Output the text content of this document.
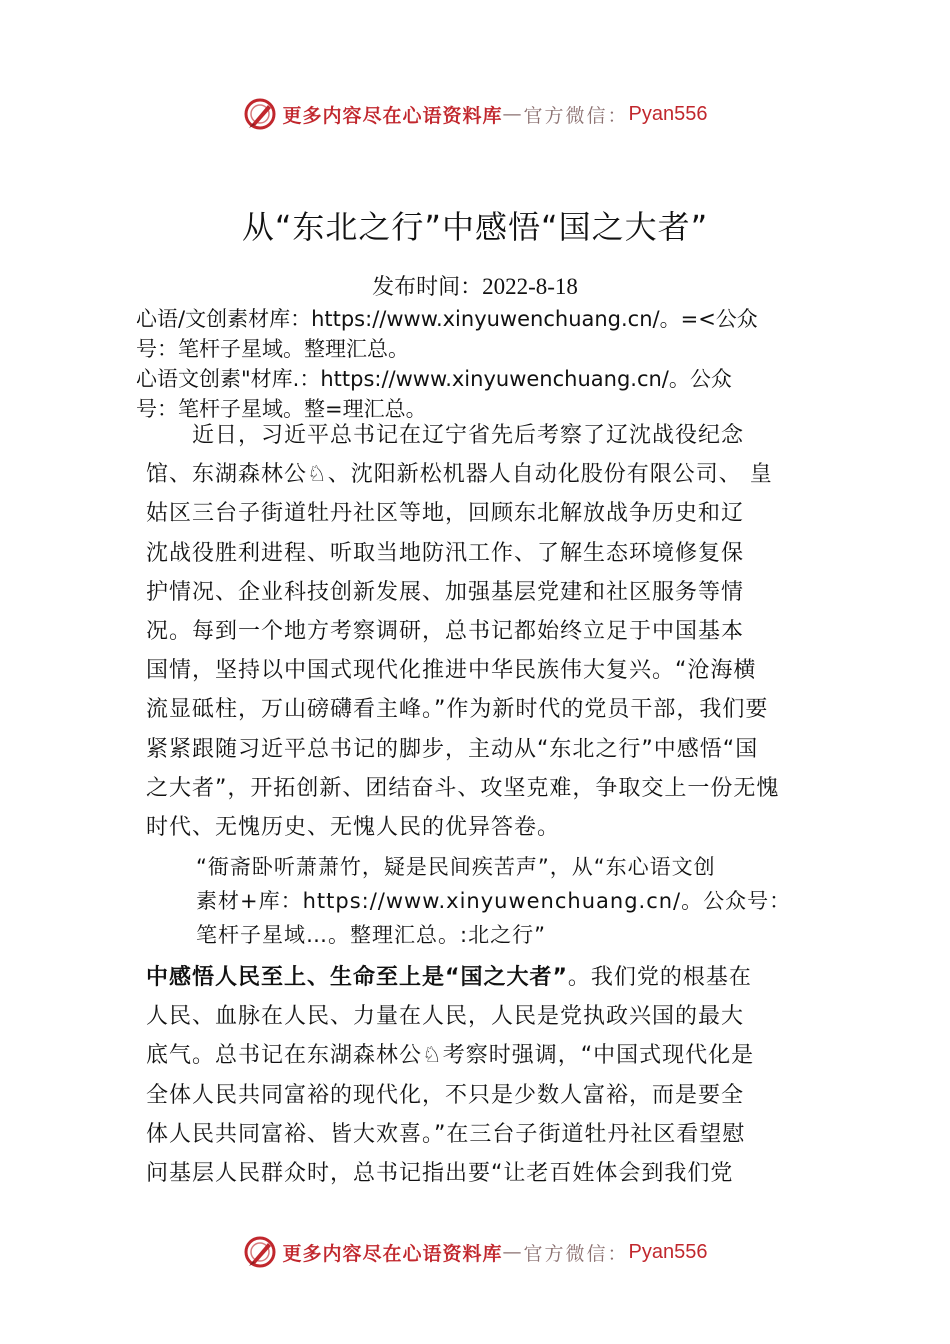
更多内容尽在心语资料库 — 官方微信： Pyan556
从“东北之行”中感悟“国之大者”
发布时间：2022-8-18
心语/文创素材库：https://www.xinyuwenchuang.cn/。=<公众
号：笔杆子星域。整理汇总。
心语文创素"材库.：https://www.xinyuwenchuang.cn/。公众
号：笔杆子星域。整=理汇总。
近日，习近平总书记在辽宁省先后考察了辽沈战役纪念
馆、东湖森林公♘、沈阳新松机器人自动化股份有限公司、 皇
姑区三台子街道牡丹社区等地，回顾东北解放战争历史和辽
沈战役胜利进程、听取当地防汛工作、了解生态环境修复保
护情况、企业科技创新发展、加强基层党建和社区服务等情
况。每到一个地方考察调研，总书记都始终立足于中国基本
国情，坚持以中国式现代化推进中华民族伟大复兴。“沧海横
流显砥柱，万山磅礴看主峰。”作为新时代的党员干部，我们要
紧紧跟随习近平总书记的脚步，主动从“东北之行”中感悟“国
之大者”，开拓创新、团结奋斗、攻坚克难，争取交上一份无愧
时代、无愧历史、无愧人民的优异答卷。
“衙斋卧听萧萧竹，疑是民间疾苦声”，从“东心语文创
素材+库：https://www.xinyuwenchuang.cn/。公众号：
笔杆子星域…。整理汇总。:北之行”
中感悟人民至上、生命至上是“国之大者”。我们党的根基在
人民、血脉在人民、力量在人民，人民是党执政兴国的最大
底气。总书记在东湖森林公♘考察时强调，“中国式现代化是
全体人民共同富裕的现代化，不只是少数人富裕，而是要全
体人民共同富裕、皆大欢喜。”在三台子街道牡丹社区看望慰
问基层人民群众时，总书记指出要“让老百姓体会到我们党
更多内容尽在心语资料库 — 官方微信： Pyan556
